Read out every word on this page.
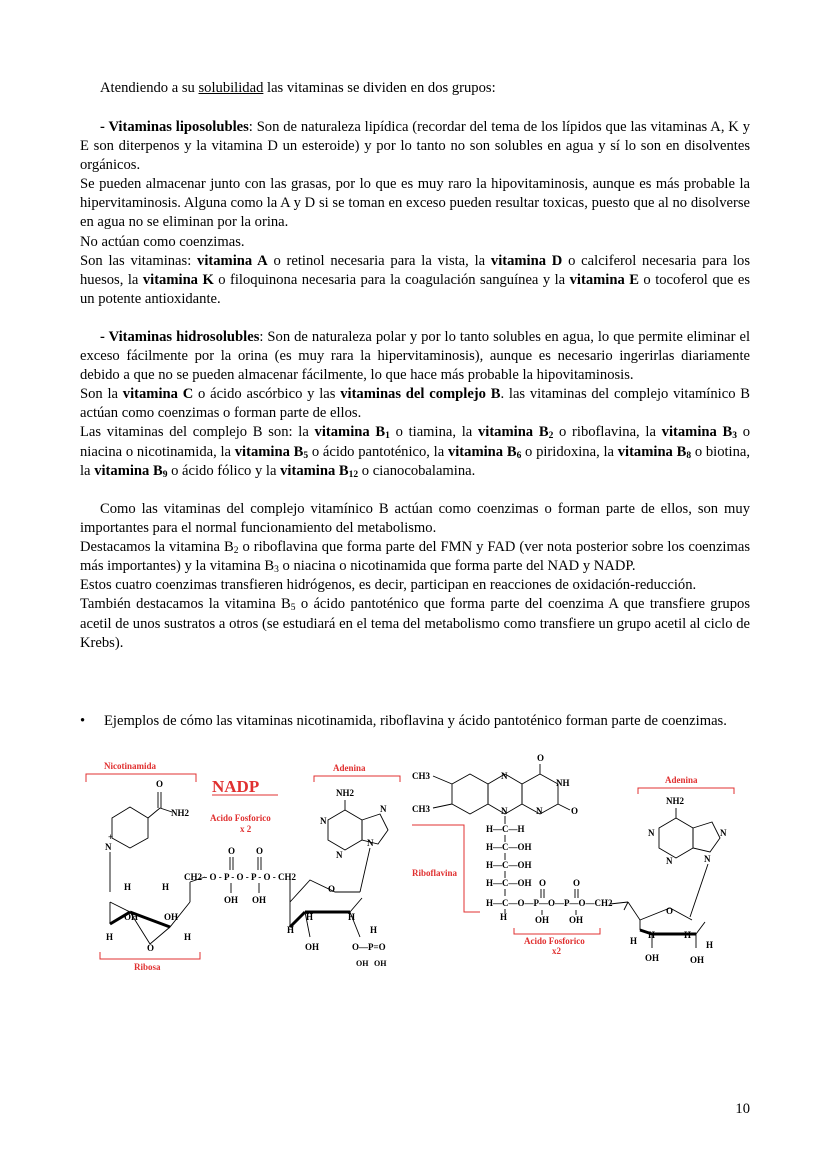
Atendiendo a su solubilidad las vitaminas se dividen en dos grupos:

- Vitaminas liposolubles: Son de naturaleza lipídica (recordar del tema de los lípidos que las vitaminas A, K y E son diterpenos y la vitamina D un esteroide) y por lo tanto no son solubles en agua y sí lo son en disolventes orgánicos.

Se pueden almacenar junto con las grasas, por lo que es muy raro la hipovitaminosis, aunque es más probable la hipervitaminosis. Alguna como la A y D si se toman en exceso pueden resultar toxicas, puesto que al no disolverse en agua no se eliminan por la orina.

No actúan como coenzimas.

Son las vitaminas: vitamina A o retinol necesaria para la vista, la vitamina D o calciferol necesaria para los huesos, la vitamina K o filoquinona necesaria para la coagulación sanguínea y la vitamina E o tocoferol que es un potente antioxidante.

- Vitaminas hidrosolubles: Son de naturaleza polar y por lo tanto solubles en agua, lo que permite eliminar el exceso fácilmente por la orina (es muy rara la hipervitaminosis), aunque es necesario ingerirlas diariamente debido a que no se pueden almacenar fácilmente, lo que hace más probable la hipovitaminosis.

Son la vitamina C o ácido ascórbico y las vitaminas del complejo B. las vitaminas del complejo vitamínico B actúan como coenzimas o forman parte de ellos.

Las vitaminas del complejo B son: la vitamina $B_1$ o tiamina, la vitamina $B_2$ o riboflavina, la vitamina $B_3$ o niacina o nicotinamida, la vitamina $B_5$ o ácido pantoténico, la vitamina $B_6$ o piridoxina, la vitamina $B_8$ o biotina, la vitamina $B_9$ o ácido fólico y la vitamina $B_{12}$ o cianocobalamina.

Como las vitaminas del complejo vitamínico B actúan como coenzimas o forman parte de ellos, son muy importantes para el normal funcionamiento del metabolismo.

Destacamos la vitamina $B_2$ o riboflavina que forma parte del FMN y FAD (ver nota posterior sobre los coenzimas más importantes) y la vitamina $B_3$ o niacina o nicotinamida que forma parte del NAD y NADP.

Estos cuatro coenzimas transfieren hidrógenos, es decir, participan en reacciones de oxidación-reducción.

También destacamos la vitamina $B_5$ o ácido pantoténico que forma parte del coenzima A que transfiere grupos acetil de unos sustratos a otros (se estudiará en el tema del metabolismo como transfiere un grupo acetil al ciclo de Krebs).

• Ejemplos de cómo las vitaminas nicotinamida, riboflavina y ácido pantoténico forman parte de coenzimas.
Nicotinamida
NADP
Acido Fosforico
x 2
Adenina
O
NH2
N
+
H	H
OH	OH
H	H
O
Ribosa
CH2 - O - P - O - P - O - CH2
O O
OH OH
NH2
N
N
N
N
O
H	H
H	H
OH	O—P=O
OH OH
CH3
CH3
O
NH
O
N
N	N
H—C—H
H—C—OH
H—C—OH
H—C—OH O	O
H—C—O—P—O—P—O—CH2
H	OH OH
Riboflavina
Acido Fosforico
x2
Adenina
NH2
N
N
N
N
O
H	H
H	H
OH	OH
10
